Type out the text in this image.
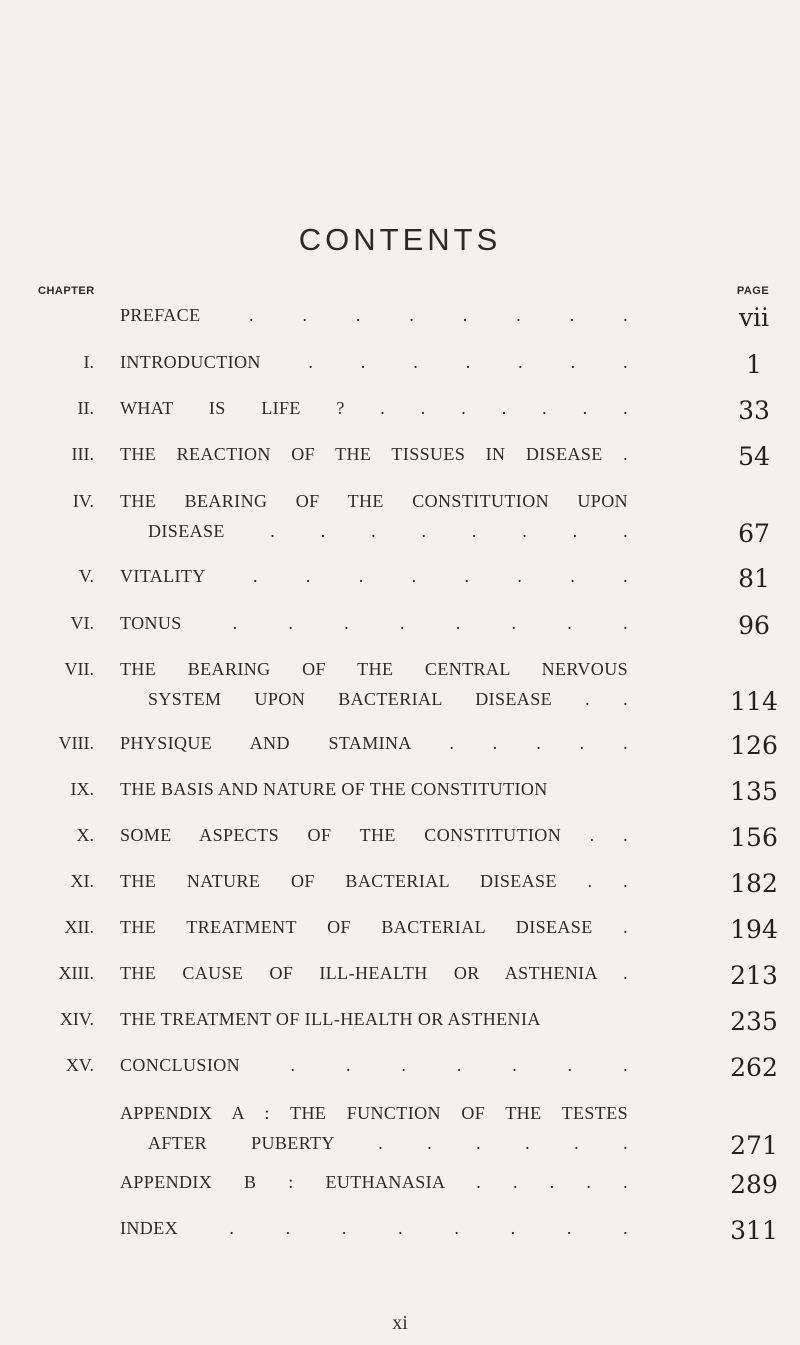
CONTENTS
CHAPTER	PAGE
PREFACE . . . . . . . .	vii
I. INTRODUCTION . . . . . . .	1
II. WHAT IS LIFE ? . . . . . . .	33
III. THE REACTION OF THE TISSUES IN DISEASE .	54
IV. THE BEARING OF THE CONSTITUTION UPON
DISEASE . . . . . . . .	67
V. VITALITY . . . . . . . .	81
VI. TONUS . . . . . . . .	96
VII. THE BEARING OF THE CENTRAL NERVOUS
SYSTEM UPON BACTERIAL DISEASE . .	114
VIII. PHYSIQUE AND STAMINA . . . . .	126
IX. THE BASIS AND NATURE OF THE CONSTITUTION	135
X. SOME ASPECTS OF THE CONSTITUTION . .	156
XI. THE NATURE OF BACTERIAL DISEASE . .	182
XII. THE TREATMENT OF BACTERIAL DISEASE .	194
XIII. THE CAUSE OF ILL-HEALTH OR ASTHENIA .	213
XIV. THE TREATMENT OF ILL-HEALTH OR ASTHENIA	235
XV. CONCLUSION . . . . . . .	262
APPENDIX A : THE FUNCTION OF THE TESTES
AFTER PUBERTY . . . . . .	271
APPENDIX B : EUTHANASIA . . . . .	289
INDEX . . . . . . . .	311
xi
